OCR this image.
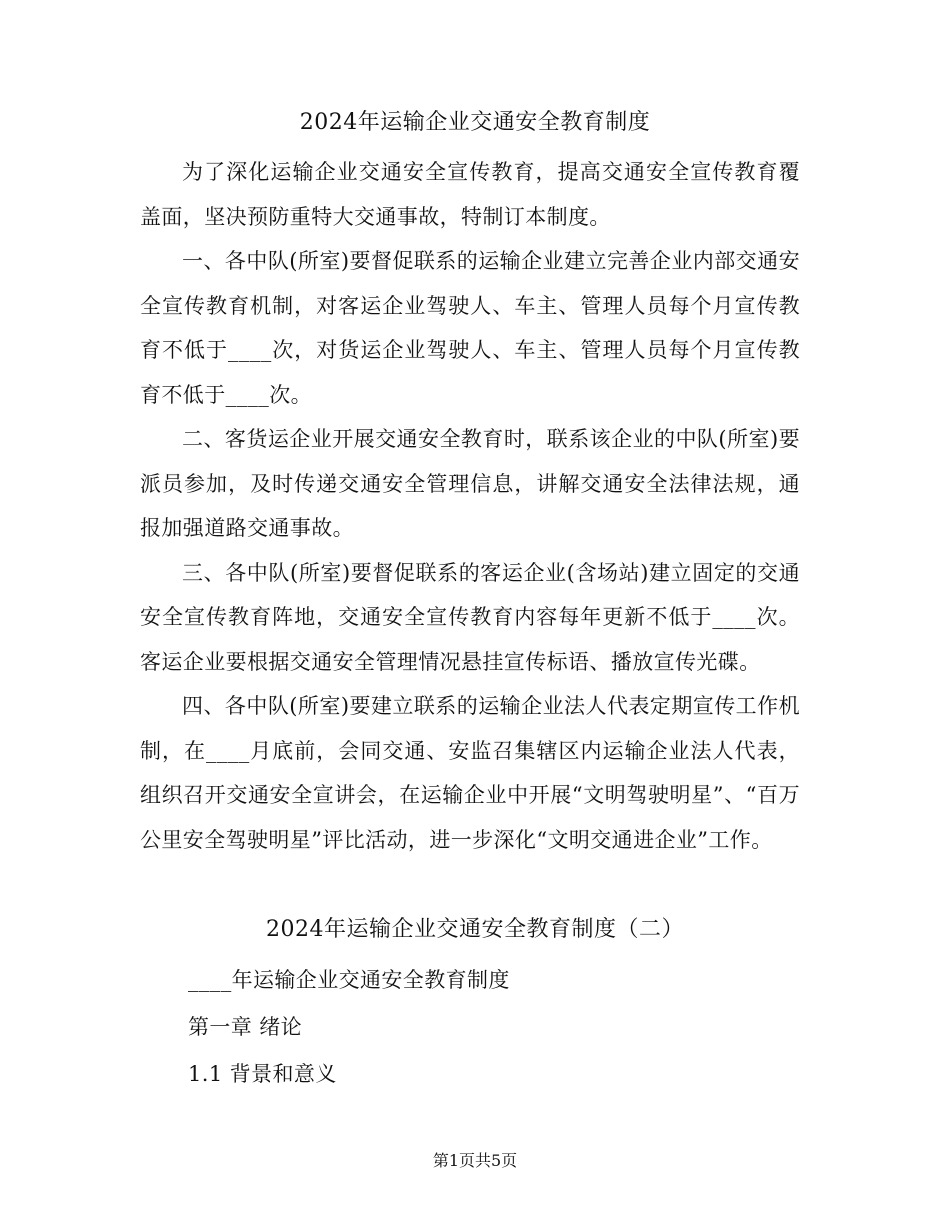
2024年运输企业交通安全教育制度

为了深化运输企业交通安全宣传教育，提高交通安全宣传教育覆盖面，坚决预防重特大交通事故，特制订本制度。

一、各中队(所室)要督促联系的运输企业建立完善企业内部交通安全宣传教育机制，对客运企业驾驶人、车主、管理人员每个月宣传教育不低于____次，对货运企业驾驶人、车主、管理人员每个月宣传教育不低于____次。

二、客货运企业开展交通安全教育时，联系该企业的中队(所室)要派员参加，及时传递交通安全管理信息，讲解交通安全法律法规，通报加强道路交通事故。

三、各中队(所室)要督促联系的客运企业(含场站)建立固定的交通安全宣传教育阵地，交通安全宣传教育内容每年更新不低于____次。客运企业要根据交通安全管理情况悬挂宣传标语、播放宣传光碟。

四、各中队(所室)要建立联系的运输企业法人代表定期宣传工作机制，在____月底前，会同交通、安监召集辖区内运输企业法人代表，组织召开交通安全宣讲会，在运输企业中开展“文明驾驶明星”、“百万公里安全驾驶明星”评比活动，进一步深化“文明交通进企业”工作。

2024年运输企业交通安全教育制度（二）

____年运输企业交通安全教育制度

第一章 绪论

1.1 背景和意义

第1页共5页
